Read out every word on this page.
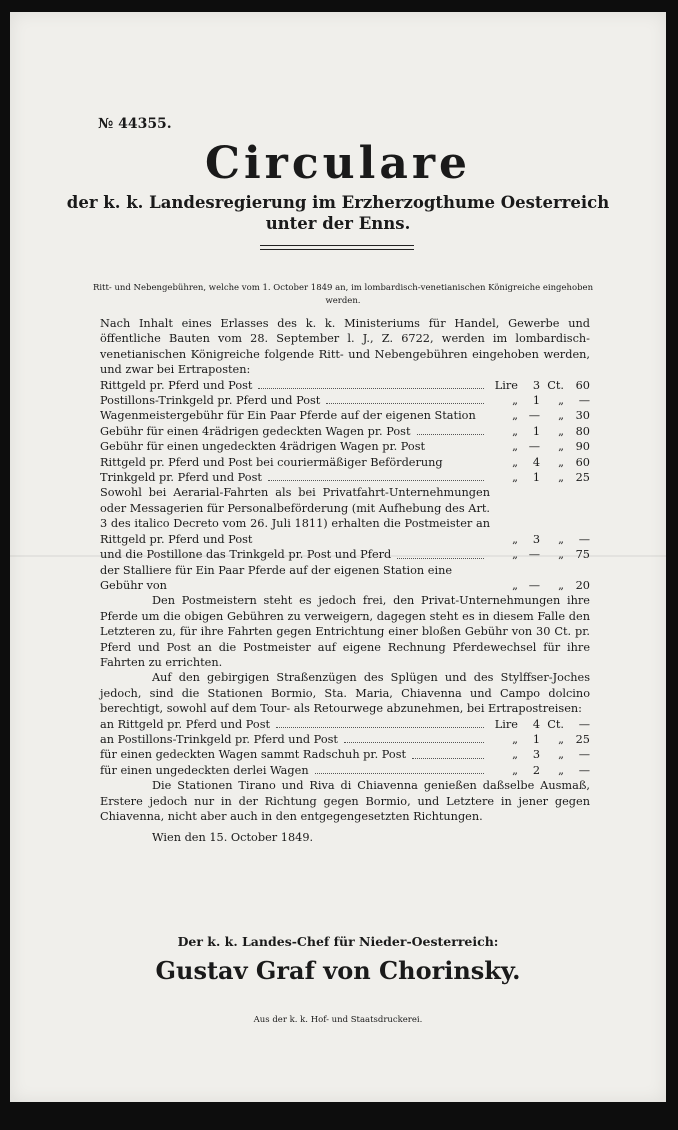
№ 44355.
Circulare
der k. k. Landesregierung im Erzherzogthume Oesterreich
unter der Enns.
Ritt- und Nebengebühren, welche vom 1. October 1849 an, im lombardisch-venetianischen Königreiche eingehoben werden.
Nach Inhalt eines Erlasses des k. k. Ministeriums für Handel, Gewerbe und öffentliche Bauten vom 28. September l. J., Z. 6722, werden im lombardisch-venetianischen Königreiche folgende Ritt- und Nebengebühren eingehoben werden, und zwar bei Ertraposten:
Rittgeld pr. Pferd und Post	Lire	3 Ct.	60
Postillons-Trinkgeld pr. Pferd und Post	„	1	„	—
Wagenmeistergebühr für Ein Paar Pferde auf der eigenen Station	„ —	„	30
Gebühr für einen 4rädrigen gedeckten Wagen pr. Post	„	1	„	80
Gebühr für einen ungedeckten 4rädrigen Wagen pr. Post	„ —	„	90
Rittgeld pr. Pferd und Post bei couriermäßiger Beförderung	„	4	„	60
Trinkgeld pr. Pferd und Post	„	1	„	25
Sowohl bei Aerarial-Fahrten als bei Privatfahrt-Unternehmungen oder Messagerien für Personalbeförderung (mit Aufhebung des Art. 3 des italico Decreto vom 26. Juli 1811) erhalten die Postmeister an Rittgeld pr. Pferd und Post	„	3	„	—
und die Postillone das Trinkgeld pr. Post und Pferd	„ —	„	75
der Stalliere für Ein Paar Pferde auf der eigenen Station eine Gebühr von	„ —	„	20
Den Postmeistern steht es jedoch frei, den Privat-Unternehmungen ihre Pferde um die obigen Gebühren zu verweigern, dagegen steht es in diesem Falle den Letzteren zu, für ihre Fahrten gegen Entrichtung einer bloßen Gebühr von 30 Ct. pr. Pferd und Post an die Postmeister auf eigene Rechnung Pferdewechsel für ihre Fahrten zu errichten.
Auf den gebirgigen Straßenzügen des Splügen und des Stylffser-Joches jedoch, sind die Stationen Bormio, Sta. Maria, Chiavenna und Campo dolcino berechtigt, sowohl auf dem Tour- als Retourwege abzunehmen, bei Ertrapostreisen:
an Rittgeld pr. Pferd und Post	Lire	4 Ct.	—
an Postillons-Trinkgeld pr. Pferd und Post	„	1	„	25
für einen gedeckten Wagen sammt Radschuh pr. Post	„	3	„	—
für einen ungedeckten derlei Wagen	„	2	„	—
Die Stationen Tirano und Riva di Chiavenna genießen daßselbe Ausmaß, Erstere jedoch nur in der Richtung gegen Bormio, und Letztere in jener gegen Chiavenna, nicht aber auch in den entgegengesetzten Richtungen.
Wien den 15. October 1849.
Der k. k. Landes-Chef für Nieder-Oesterreich:
Gustav Graf von Chorinsky.
Aus der k. k. Hof- und Staatsdruckerei.
